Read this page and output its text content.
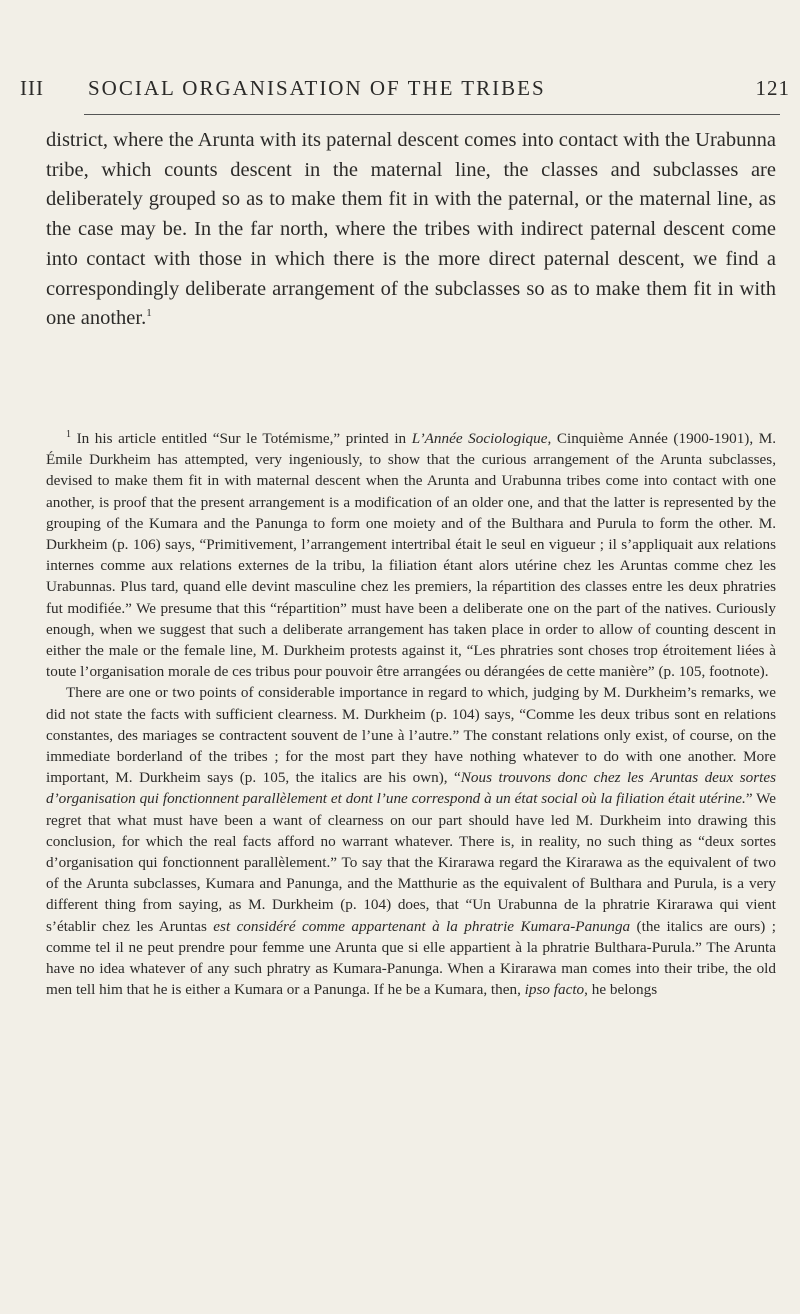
III SOCIAL ORGANISATION OF THE TRIBES	121

district, where the Arunta with its paternal descent comes into contact with the Urabunna tribe, which counts descent in the maternal line, the classes and subclasses are deliberately grouped so as to make them fit in with the paternal, or the maternal line, as the case may be. In the far north, where the tribes with indirect paternal descent come into contact with those in which there is the more direct paternal descent, we find a correspondingly deliberate arrangement of the subclasses so as to make them fit in with one another.$^1$

$^1$ In his article entitled “Sur le Totémisme,” printed in L’Année Sociologique, Cinquième Année (1900-1901), M. Émile Durkheim has attempted, very ingeniously, to show that the curious arrangement of the Arunta subclasses, devised to make them fit in with maternal descent when the Arunta and Urabunna tribes come into contact with one another, is proof that the present arrangement is a modification of an older one, and that the latter is represented by the grouping of the Kumara and the Panunga to form one moiety and of the Bulthara and Purula to form the other. M. Durkheim (p. 106) says, “Primitivement, l’arrangement intertribal était le seul en vigueur ; il s’appliquait aux relations internes comme aux relations externes de la tribu, la filiation étant alors utérine chez les Aruntas comme chez les Urabunnas. Plus tard, quand elle devint masculine chez les premiers, la répartition des classes entre les deux phratries fut modifiée.” We presume that this “répartition” must have been a deliberate one on the part of the natives. Curiously enough, when we suggest that such a deliberate arrangement has taken place in order to allow of counting descent in either the male or the female line, M. Durkheim protests against it, “Les phratries sont choses trop étroitement liées à toute l’organisation morale de ces tribus pour pouvoir être arrangées ou dérangées de cette manière” (p. 105, footnote).

There are one or two points of considerable importance in regard to which, judging by M. Durkheim’s remarks, we did not state the facts with sufficient clearness. M. Durkheim (p. 104) says, “Comme les deux tribus sont en relations constantes, des mariages se contractent souvent de l’une à l’autre.” The constant relations only exist, of course, on the immediate borderland of the tribes ; for the most part they have nothing whatever to do with one another. More important, M. Durkheim says (p. 105, the italics are his own), “Nous trouvons donc chez les Aruntas deux sortes d’organisation qui fonctionnent parallèlement et dont l’une correspond à un état social où la filiation était utérine.” We regret that what must have been a want of clearness on our part should have led M. Durkheim into drawing this conclusion, for which the real facts afford no warrant whatever. There is, in reality, no such thing as “deux sortes d’organisation qui fonctionnent parallèlement.” To say that the Kirarawa regard the Kirarawa as the equivalent of two of the Arunta subclasses, Kumara and Panunga, and the Matthurie as the equivalent of Bulthara and Purula, is a very different thing from saying, as M. Durkheim (p. 104) does, that “Un Urabunna de la phratrie Kirarawa qui vient s’établir chez les Aruntas est considéré comme appartenant à la phratrie Kumara-Panunga (the italics are ours) ; comme tel il ne peut prendre pour femme une Arunta que si elle appartient à la phratrie Bulthara-Purula.” The Arunta have no idea whatever of any such phratry as Kumara-Panunga. When a Kirarawa man comes into their tribe, the old men tell him that he is either a Kumara or a Panunga. If he be a Kumara, then, ipso facto, he belongs
